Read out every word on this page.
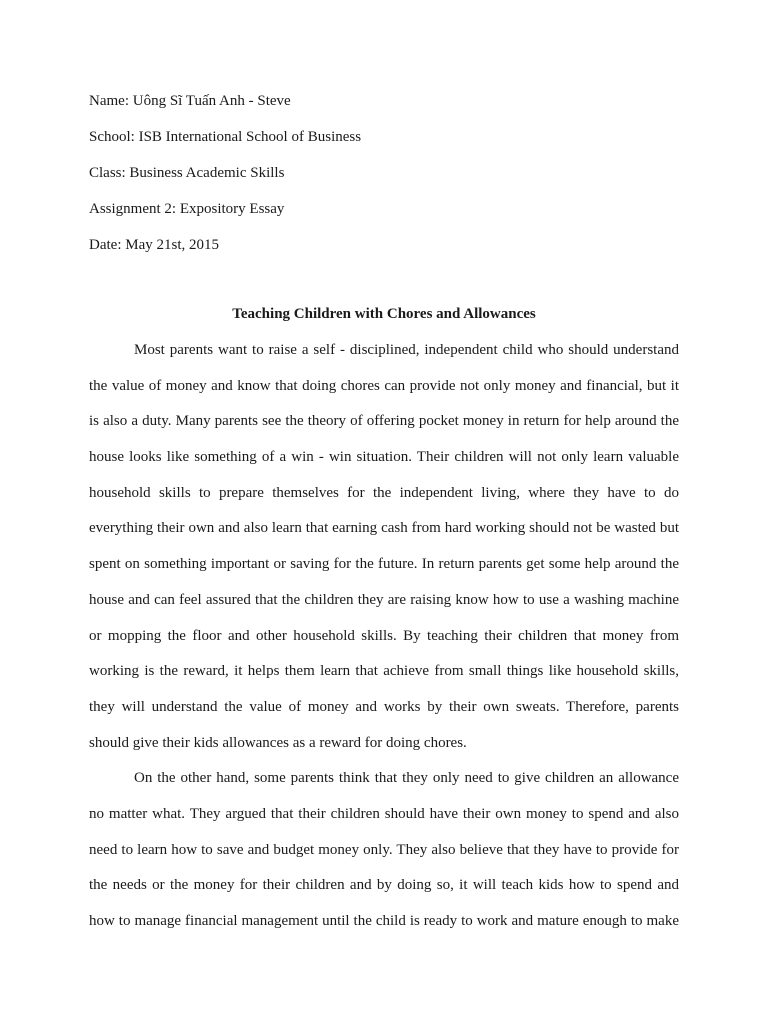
Name: Uông Sĩ Tuấn Anh - Steve
School: ISB International School of Business
Class: Business Academic Skills
Assignment 2: Expository Essay
Date: May 21st, 2015
Teaching Children with Chores and Allowances
Most parents want to raise a self - disciplined, independent child who should understand
the value of money and know that doing chores can provide not only money and financial, but it
is also a duty. Many parents see the theory of offering pocket money in return for help around the
house looks like something of a win - win situation. Their children will not only learn valuable
household skills to prepare themselves for the independent living, where they have to do
everything their own and also learn that earning cash from hard working should not be wasted but
spent on something important or saving for the future. In return parents get some help around the
house and can feel assured that the children they are raising know how to use a washing machine
or mopping the floor and other household skills. By teaching their children that money from
working is the reward, it helps them learn that achieve from small things like household skills,
they will understand the value of money and works by their own sweats. Therefore, parents
should give their kids allowances as a reward for doing chores.
On the other hand, some parents think that they only need to give children an allowance
no matter what. They argued that their children should have their own money to spend and also
need to learn how to save and budget money only. They also believe that they have to provide for
the needs or the money for their children and by doing so, it will teach kids how to spend and
how to manage financial management until the child is ready to work and mature enough to make
